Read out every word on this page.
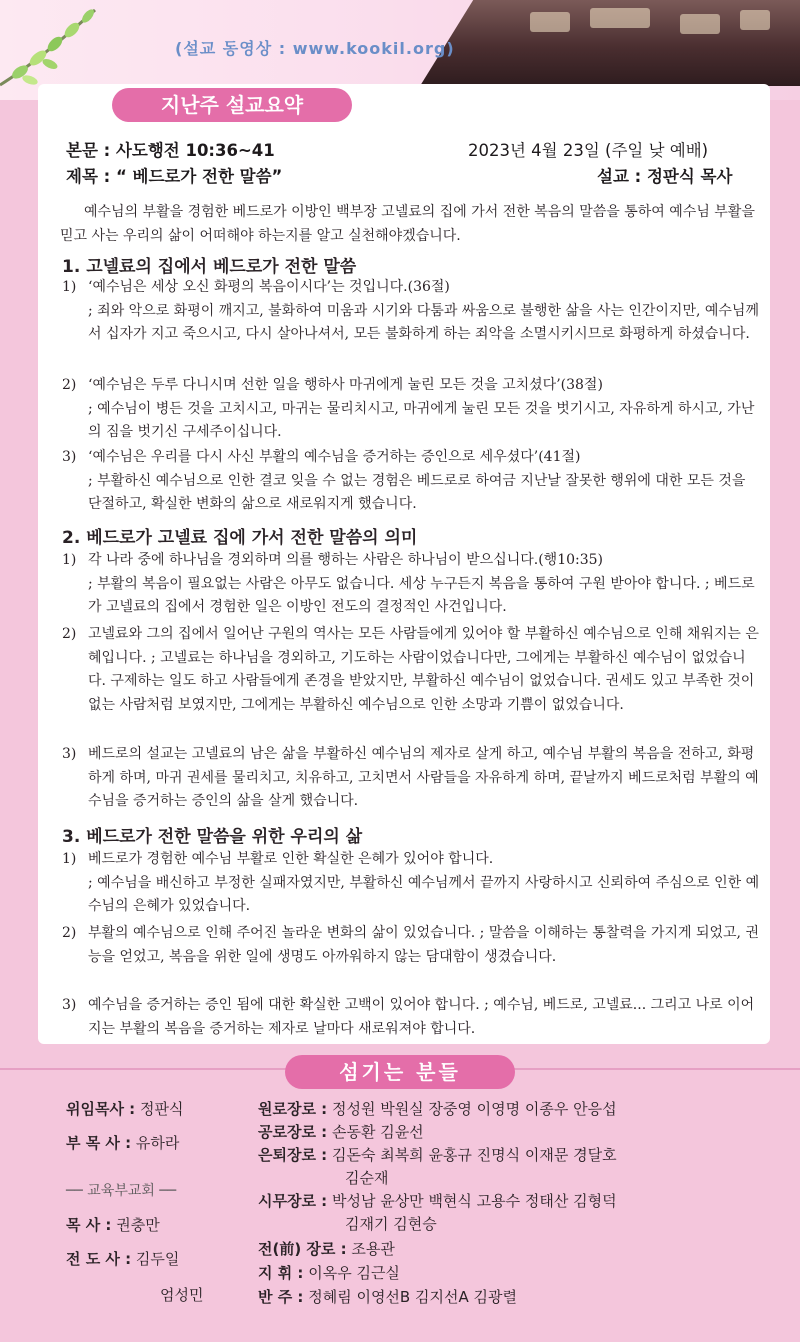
(설교 동영상 : www.kookil.org)
지난주 설교요약
본문 : 사도행전 10:36~41	2023년 4월 23일 (주일 낮 예배)
제목 : “ 베드로가 전한 말씀”	설교 : 정판식 목사
예수님의 부활을 경험한 베드로가 이방인 백부장 고넬료의 집에 가서 전한 복음의 말씀을 통하여 예수님 부활을 믿고 사는 우리의 삶이 어떠해야 하는지를 알고 실천해야겠습니다.
1. 고넬료의 집에서 베드로가 전한 말씀
1) ‘예수님은 세상 오신 화평의 복음이시다’는 것입니다.(36절)
; 죄와 악으로 화평이 깨지고, 불화하여 미움과 시기와 다툼과 싸움으로 불행한 삶을 사는 인간이지만, 예수님께서 십자가 지고 죽으시고, 다시 살아나셔서, 모든 불화하게 하는 죄악을 소멸시키시므로 화평하게 하셨습니다.
2) ‘예수님은 두루 다니시며 선한 일을 행하사 마귀에게 눌린 모든 것을 고치셨다’(38절)
; 예수님이 병든 것을 고치시고, 마귀는 물리치시고, 마귀에게 눌린 모든 것을 벗기시고, 자유하게 하시고, 가난의 짐을 벗기신 구세주이십니다.
3) ‘예수님은 우리를 다시 사신 부활의 예수님을 증거하는 증인으로 세우셨다’(41절)
; 부활하신 예수님으로 인한 결코 잊을 수 없는 경험은 베드로로 하여금 지난날 잘못한 행위에 대한 모든 것을 단절하고, 확실한 변화의 삶으로 새로워지게 했습니다.
2. 베드로가 고넬료 집에 가서 전한 말씀의 의미
1) 각 나라 중에 하나님을 경외하며 의를 행하는 사람은 하나님이 받으십니다.(행10:35)
; 부활의 복음이 필요없는 사람은 아무도 없습니다. 세상 누구든지 복음을 통하여 구원 받아야 합니다. ; 베드로가 고넬료의 집에서 경험한 일은 이방인 전도의 결정적인 사건입니다.
2) 고넬료와 그의 집에서 일어난 구원의 역사는 모든 사람들에게 있어야 할 부활하신 예수님으로 인해 채워지는 은혜입니다. ; 고넬료는 하나님을 경외하고, 기도하는 사람이었습니다만, 그에게는 부활하신 예수님이 없었습니다. 구제하는 일도 하고 사람들에게 존경을 받았지만, 부활하신 예수님이 없었습니다. 권세도 있고 부족한 것이 없는 사람처럼 보였지만, 그에게는 부활하신 예수님으로 인한 소망과 기쁨이 없었습니다.
3) 베드로의 설교는 고넬료의 남은 삶을 부활하신 예수님의 제자로 살게 하고, 예수님 부활의 복음을 전하고, 화평하게 하며, 마귀 권세를 물리치고, 치유하고, 고치면서 사람들을 자유하게 하며, 끝날까지 베드로처럼 부활의 예수님을 증거하는 증인의 삶을 살게 했습니다.
3. 베드로가 전한 말씀을 위한 우리의 삶
1) 베드로가 경험한 예수님 부활로 인한 확실한 은혜가 있어야 합니다.
; 예수님을 배신하고 부정한 실패자였지만, 부활하신 예수님께서 끝까지 사랑하시고 신뢰하여 주심으로 인한 예수님의 은혜가 있었습니다.
2) 부활의 예수님으로 인해 주어진 놀라운 변화의 삶이 있었습니다. ; 말씀을 이해하는 통찰력을 가지게 되었고, 권능을 얻었고, 복음을 위한 일에 생명도 아까워하지 않는 담대함이 생겼습니다.
3) 예수님을 증거하는 증인 됨에 대한 확실한 고백이 있어야 합니다. ; 예수님, 베드로, 고넬료... 그리고 나로 이어지는 부활의 복음을 증거하는 제자로 날마다 새로워져야 합니다.
섬기는 분들
위임목사 : 정판식
부 목 사 : 유하라
── 교육부교회 ──
목 사 : 권충만
전 도 사 : 김두일
엄성민
원로장로 : 정성원 박원실 장중영 이영명 이종우 안응섭
공로장로 : 손동환 김윤선
은퇴장로 : 김돈숙 최복희 윤홍규 진명식 이재문 경달호
김순재
시무장로 : 박성남 윤상만 백현식 고용수 정태산 김형덕
김재기 김현승
전(前) 장로 : 조용관
지 휘 : 이옥우 김근실
반 주 : 정혜림 이영선B 김지선A 김광렬
